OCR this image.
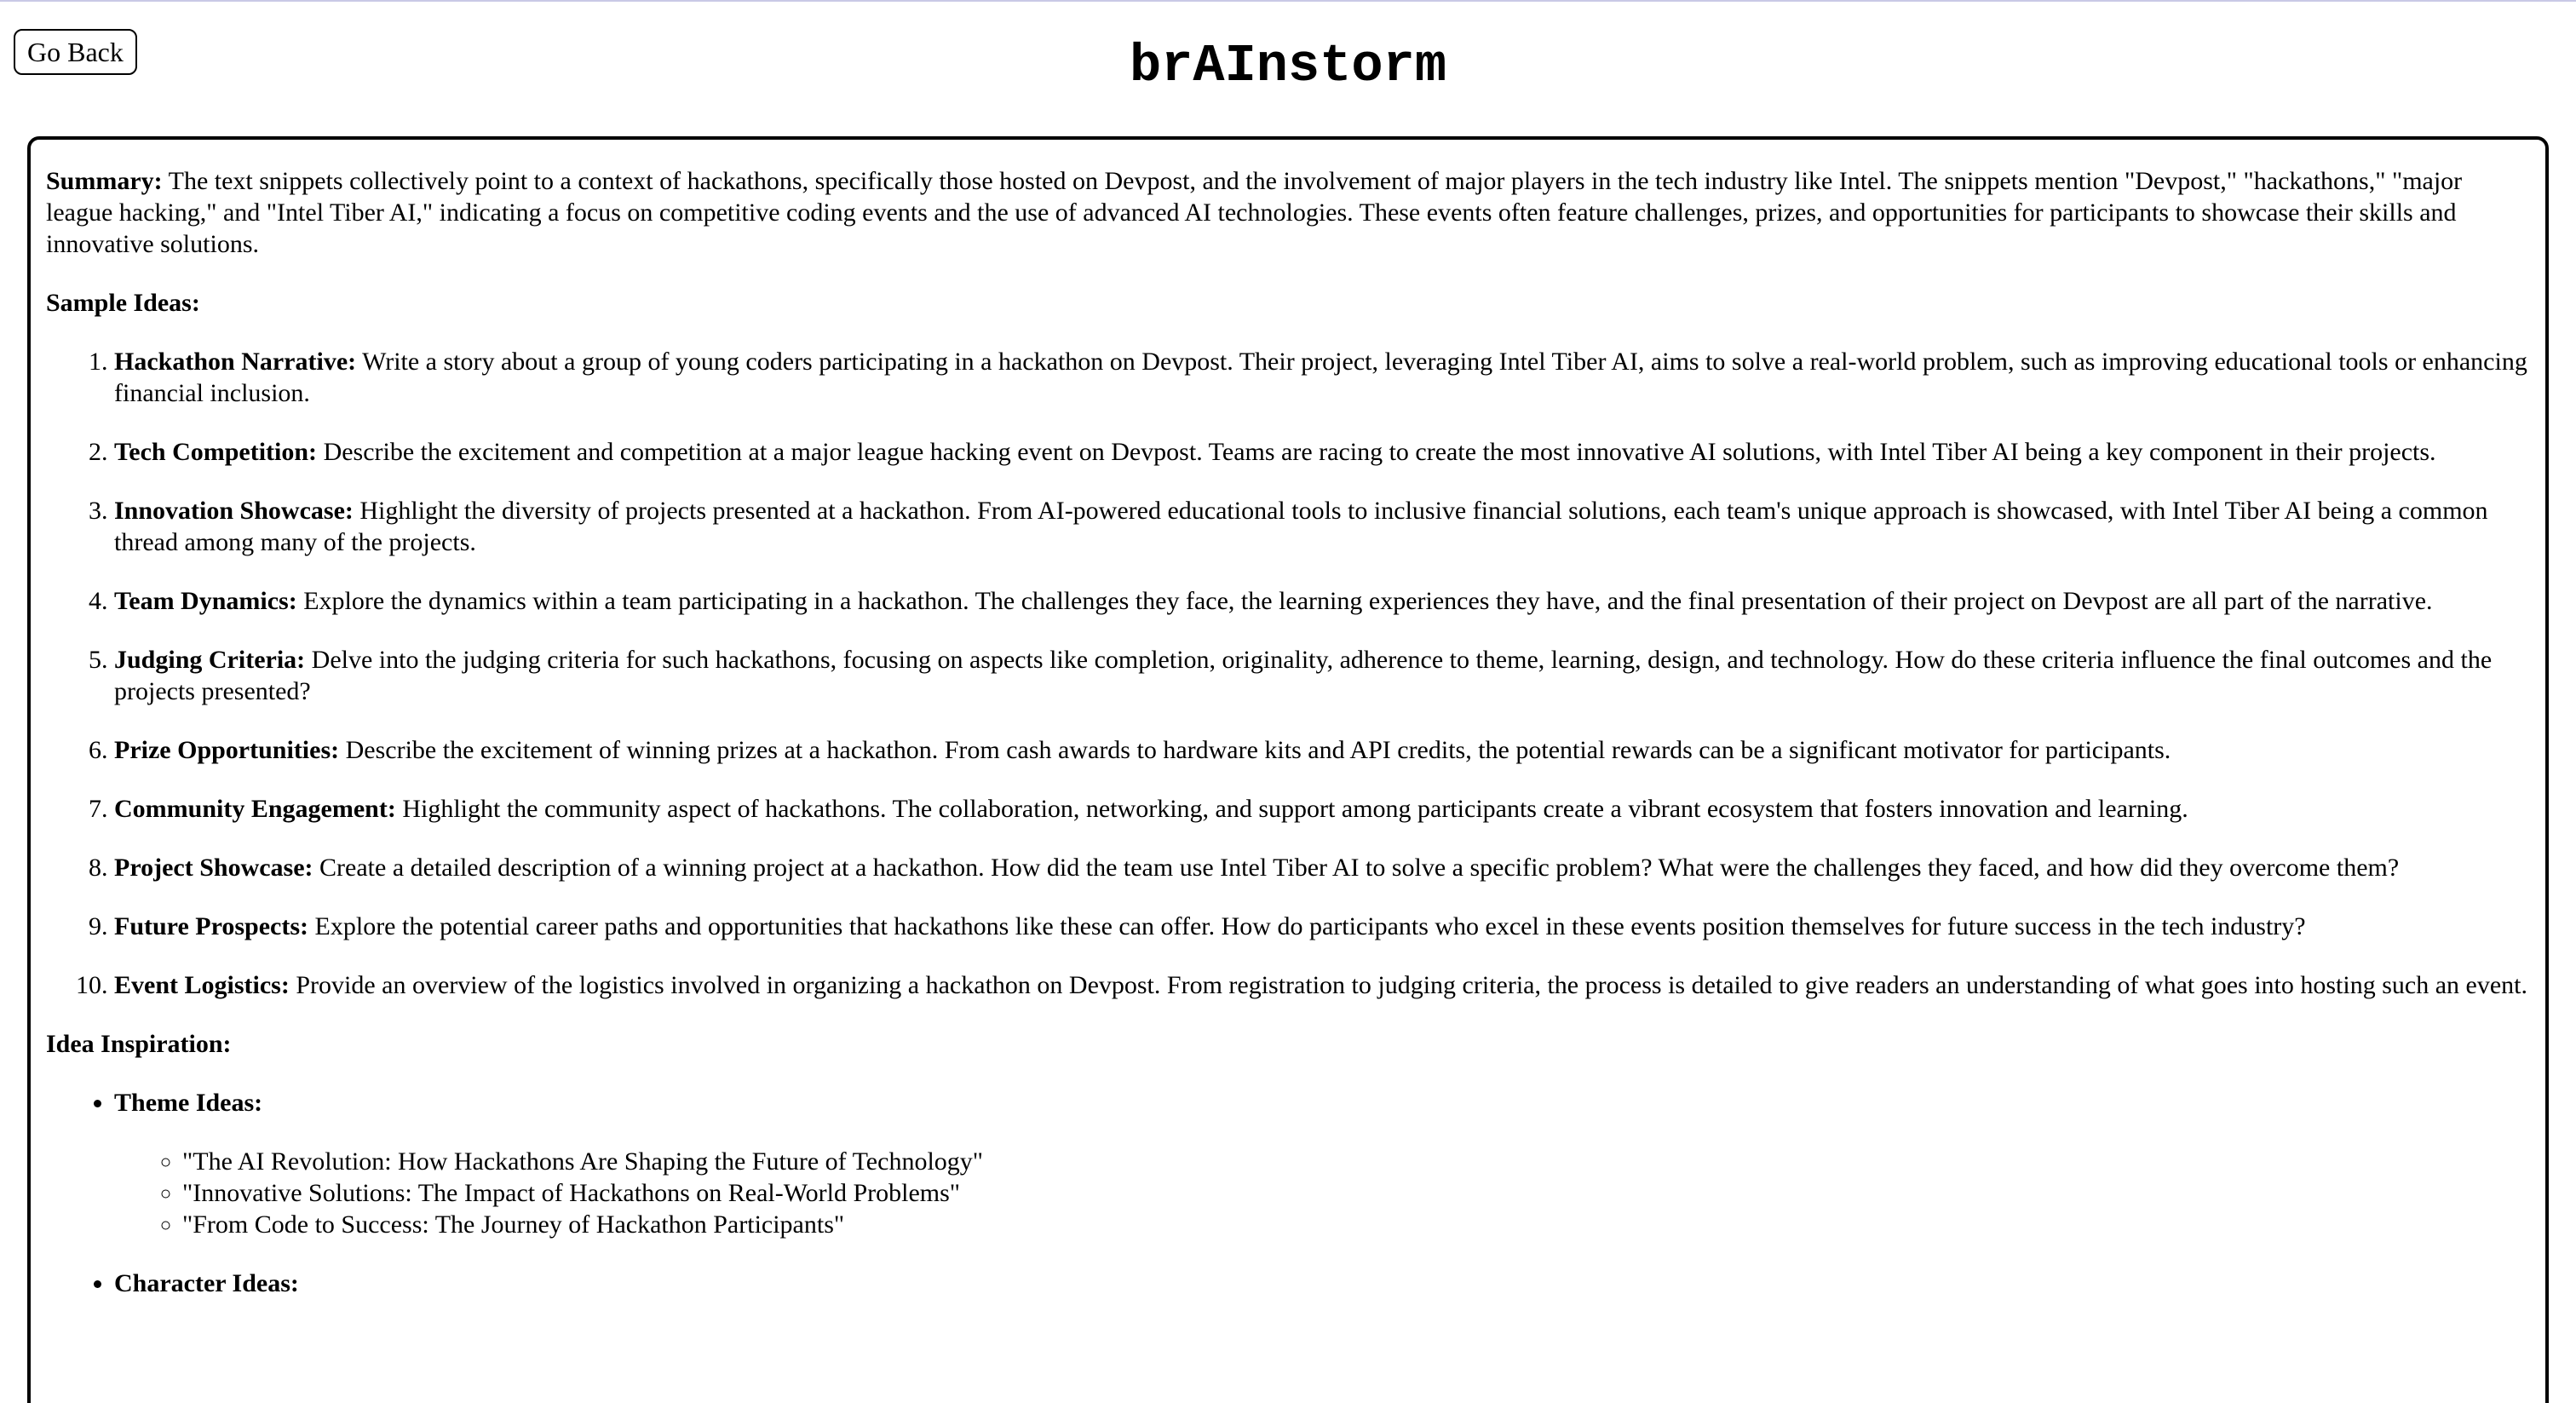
Go Back	brAInstorm

Summary: The text snippets collectively point to a context of hackathons, specifically those hosted on Devpost, and the involvement of major players in the tech industry like Intel. The snippets mention "Devpost," "hackathons," "major league hacking," and "Intel Tiber AI," indicating a focus on competitive coding events and the use of advanced AI technologies. These events often feature challenges, prizes, and opportunities for participants to showcase their skills and innovative solutions.

Sample Ideas:

1. Hackathon Narrative: Write a story about a group of young coders participating in a hackathon on Devpost. Their project, leveraging Intel Tiber AI, aims to solve a real-world problem, such as improving educational tools or enhancing financial inclusion.
2. Tech Competition: Describe the excitement and competition at a major league hacking event on Devpost. Teams are racing to create the most innovative AI solutions, with Intel Tiber AI being a key component in their projects.
3. Innovation Showcase: Highlight the diversity of projects presented at a hackathon. From AI-powered educational tools to inclusive financial solutions, each team's unique approach is showcased, with Intel Tiber AI being a common thread among many of the projects.
4. Team Dynamics: Explore the dynamics within a team participating in a hackathon. The challenges they face, the learning experiences they have, and the final presentation of their project on Devpost are all part of the narrative.
5. Judging Criteria: Delve into the judging criteria for such hackathons, focusing on aspects like completion, originality, adherence to theme, learning, design, and technology. How do these criteria influence the final outcomes and the projects presented?
6. Prize Opportunities: Describe the excitement of winning prizes at a hackathon. From cash awards to hardware kits and API credits, the potential rewards can be a significant motivator for participants.
7. Community Engagement: Highlight the community aspect of hackathons. The collaboration, networking, and support among participants create a vibrant ecosystem that fosters innovation and learning.
8. Project Showcase: Create a detailed description of a winning project at a hackathon. How did the team use Intel Tiber AI to solve a specific problem? What were the challenges they faced, and how did they overcome them?
9. Future Prospects: Explore the potential career paths and opportunities that hackathons like these can offer. How do participants who excel in these events position themselves for future success in the tech industry?
10. Event Logistics: Provide an overview of the logistics involved in organizing a hackathon on Devpost. From registration to judging criteria, the process is detailed to give readers an understanding of what goes into hosting such an event.

Idea Inspiration:

• Theme Ideas:
◦ "The AI Revolution: How Hackathons Are Shaping the Future of Technology"
◦ "Innovative Solutions: The Impact of Hackathons on Real-World Problems"
◦ "From Code to Success: The Journey of Hackathon Participants"
• Character Ideas:
